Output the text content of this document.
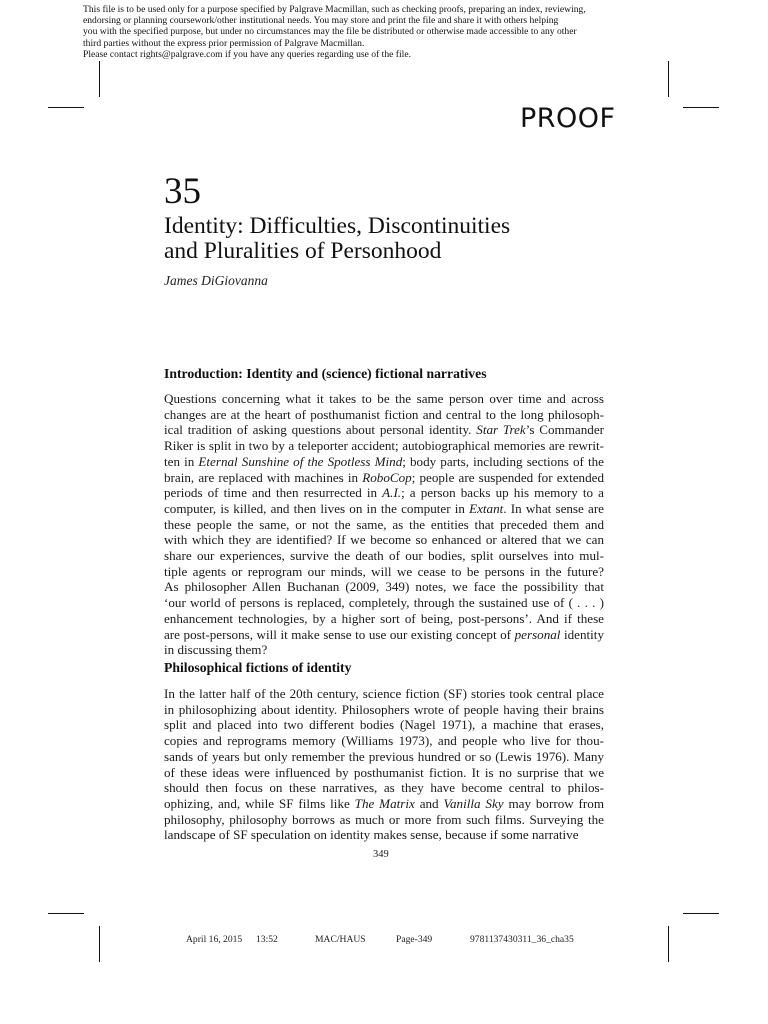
This file is to be used only for a purpose specified by Palgrave Macmillan, such as checking proofs, preparing an index, reviewing,
endorsing or planning coursework/other institutional needs. You may store and print the file and share it with others helping
you with the specified purpose, but under no circumstances may the file be distributed or otherwise made accessible to any other
third parties without the express prior permission of Palgrave Macmillan.
Please contact rights@palgrave.com if you have any queries regarding use of the file.
PROOF
35
Identity: Difficulties, Discontinuities
and Pluralities of Personhood
James DiGiovanna
Introduction: Identity and (science) fictional narratives
Questions concerning what it takes to be the same person over time and across
changes are at the heart of posthumanist fiction and central to the long philosoph-
ical tradition of asking questions about personal identity. Star Trek’s Commander
Riker is split in two by a teleporter accident; autobiographical memories are rewrit-
ten in Eternal Sunshine of the Spotless Mind; body parts, including sections of the
brain, are replaced with machines in RoboCop; people are suspended for extended
periods of time and then resurrected in A.I.; a person backs up his memory to a
computer, is killed, and then lives on in the computer in Extant. In what sense are
these people the same, or not the same, as the entities that preceded them and
with which they are identified? If we become so enhanced or altered that we can
share our experiences, survive the death of our bodies, split ourselves into mul-
tiple agents or reprogram our minds, will we cease to be persons in the future?
As philosopher Allen Buchanan (2009, 349) notes, we face the possibility that
‘our world of persons is replaced, completely, through the sustained use of ( . . . )
enhancement technologies, by a higher sort of being, post-persons’. And if these
are post-persons, will it make sense to use our existing concept of personal identity
in discussing them?
Philosophical fictions of identity
In the latter half of the 20th century, science fiction (SF) stories took central place
in philosophizing about identity. Philosophers wrote of people having their brains
split and placed into two different bodies (Nagel 1971), a machine that erases,
copies and reprograms memory (Williams 1973), and people who live for thou-
sands of years but only remember the previous hundred or so (Lewis 1976). Many
of these ideas were influenced by posthumanist fiction. It is no surprise that we
should then focus on these narratives, as they have become central to philos-
ophizing, and, while SF films like The Matrix and Vanilla Sky may borrow from
philosophy, philosophy borrows as much or more from such films. Surveying the
landscape of SF speculation on identity makes sense, because if some narrative
349
April 16, 2015 13:52	MAC/HAUS	Page-349	9781137430311_36_cha35
